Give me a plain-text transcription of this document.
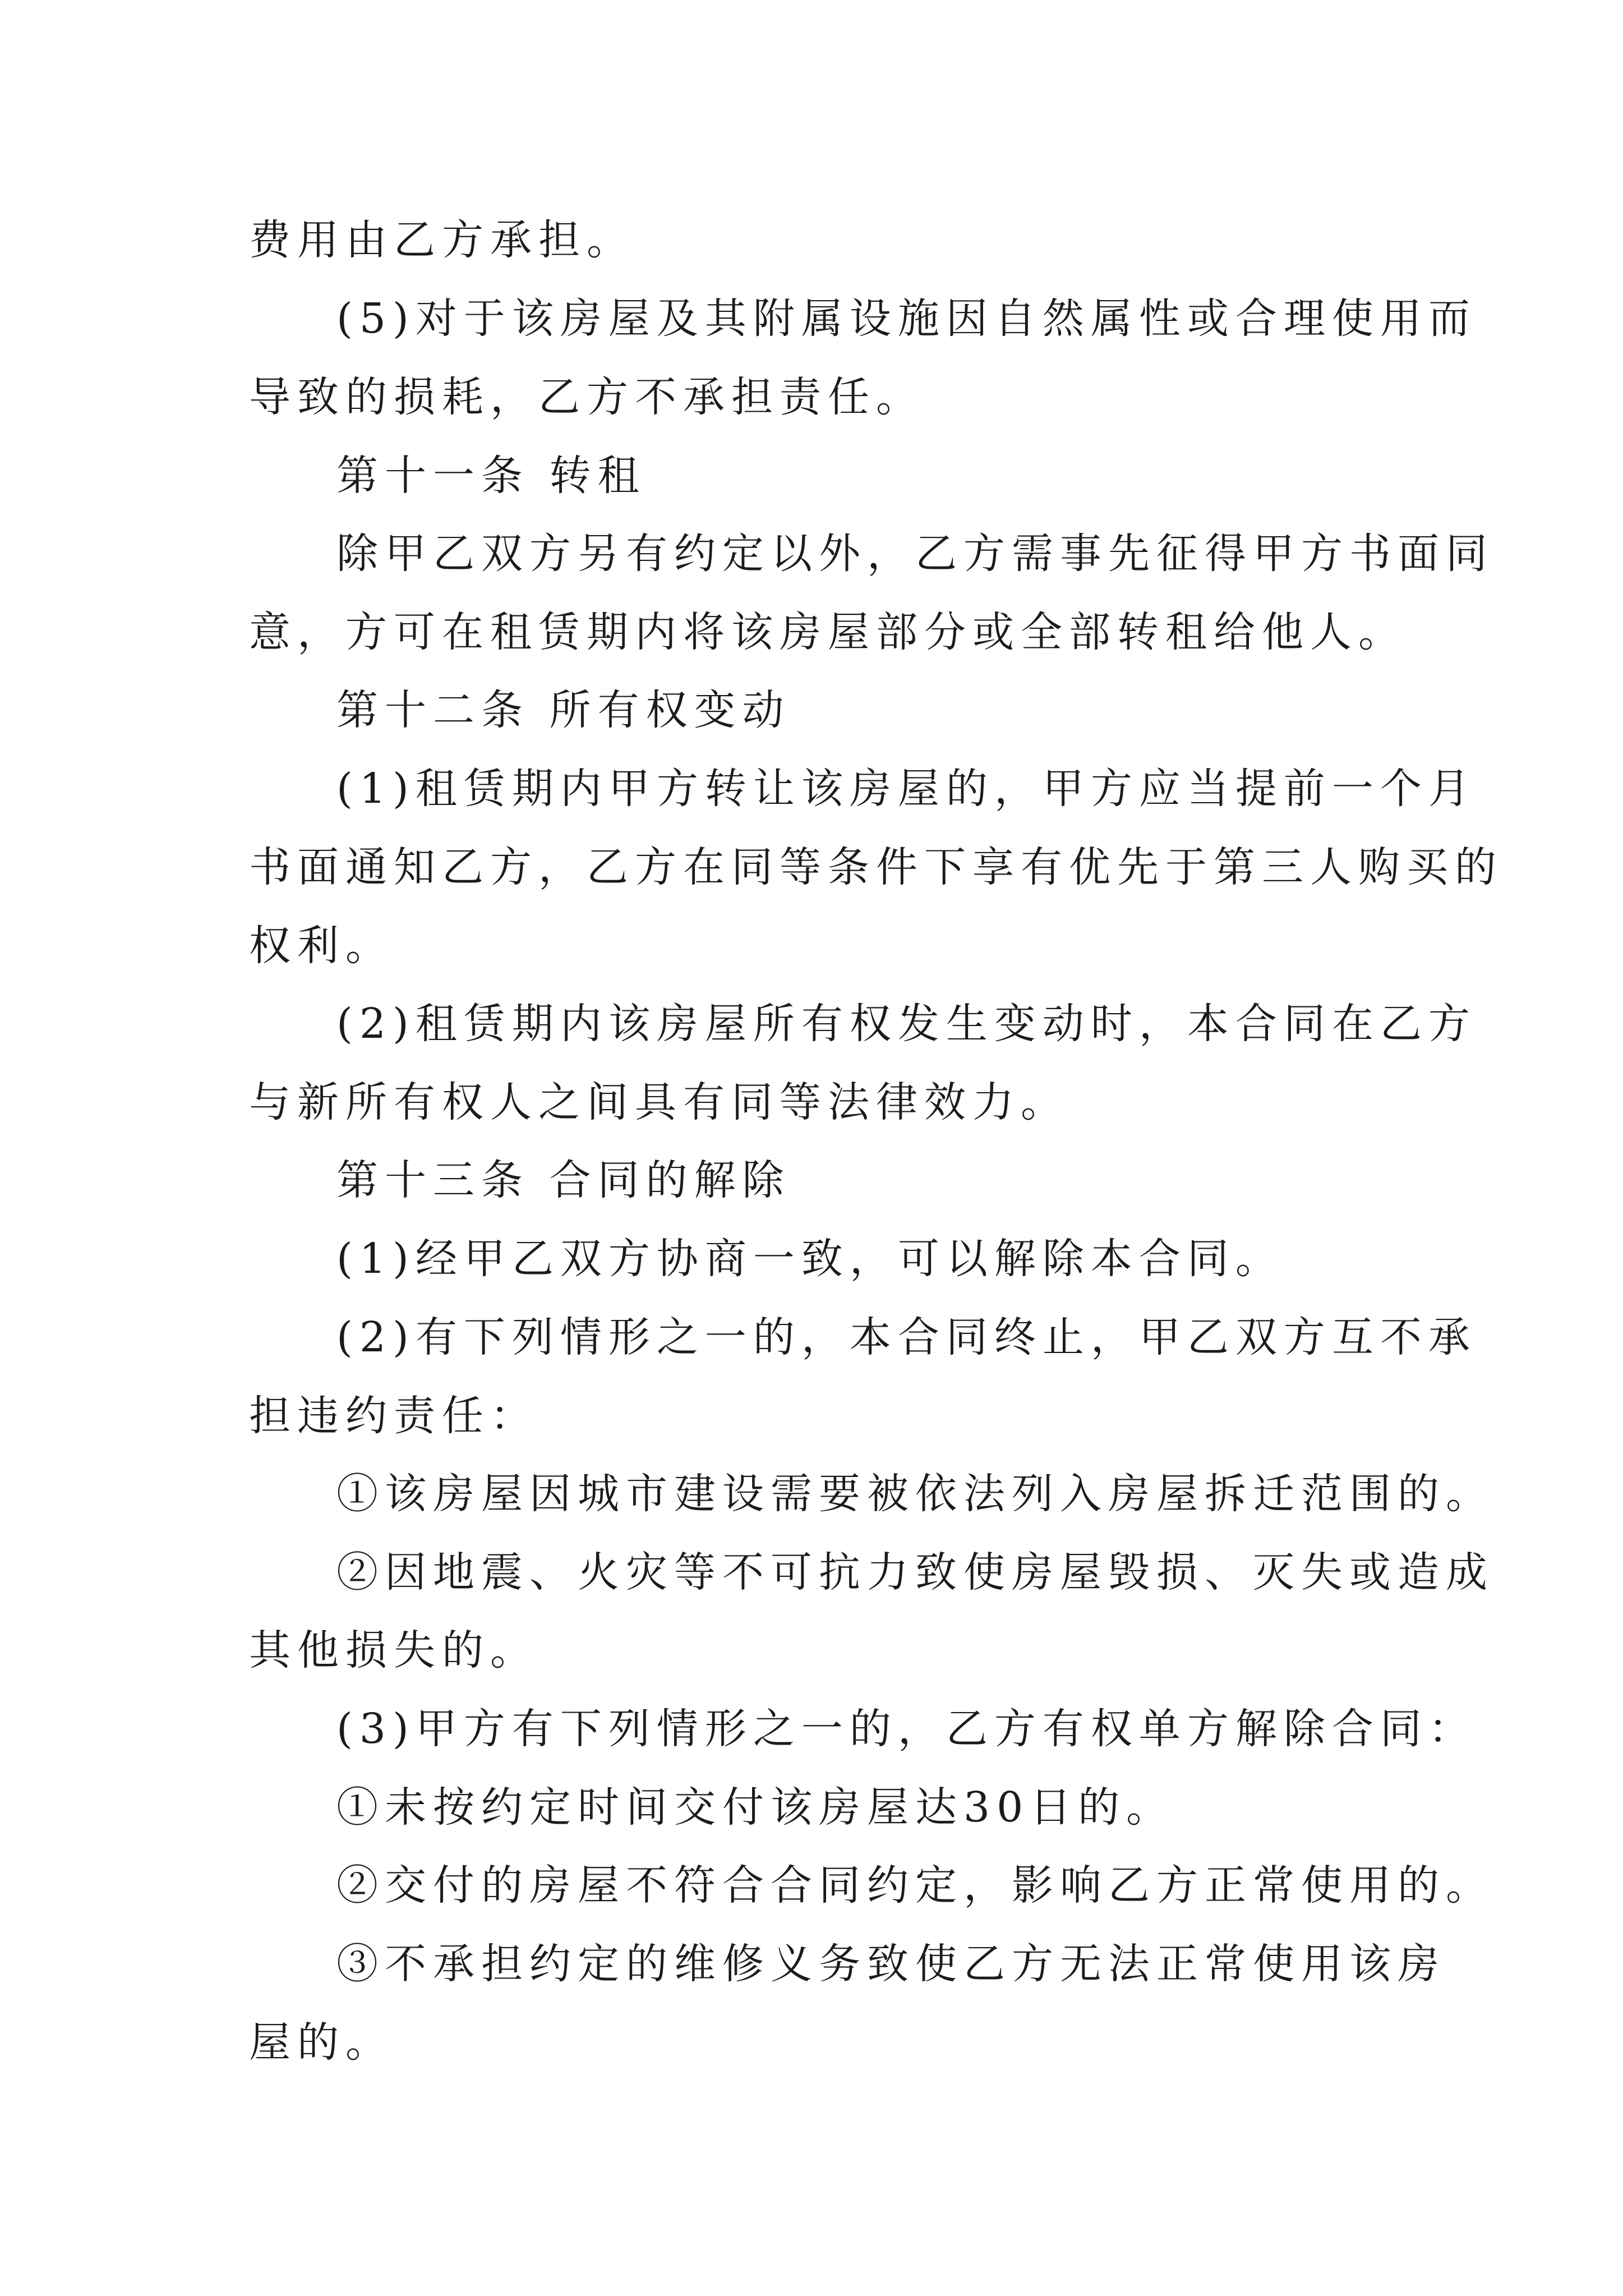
费用由乙方承担。
(5)对于该房屋及其附属设施因自然属性或合理使用而
导致的损耗，乙方不承担责任。
第十一条 转租
除甲乙双方另有约定以外，乙方需事先征得甲方书面同
意，方可在租赁期内将该房屋部分或全部转租给他人。
第十二条 所有权变动
(1)租赁期内甲方转让该房屋的，甲方应当提前一个月
书面通知乙方，乙方在同等条件下享有优先于第三人购买的
权利。
(2)租赁期内该房屋所有权发生变动时，本合同在乙方
与新所有权人之间具有同等法律效力。
第十三条 合同的解除
(1)经甲乙双方协商一致，可以解除本合同。
(2)有下列情形之一的，本合同终止，甲乙双方互不承
担违约责任：
①该房屋因城市建设需要被依法列入房屋拆迁范围的。
②因地震、火灾等不可抗力致使房屋毁损、灭失或造成
其他损失的。
(3)甲方有下列情形之一的，乙方有权单方解除合同：
①未按约定时间交付该房屋达30日的。
②交付的房屋不符合合同约定，影响乙方正常使用的。
③不承担约定的维修义务致使乙方无法正常使用该房
屋的。
